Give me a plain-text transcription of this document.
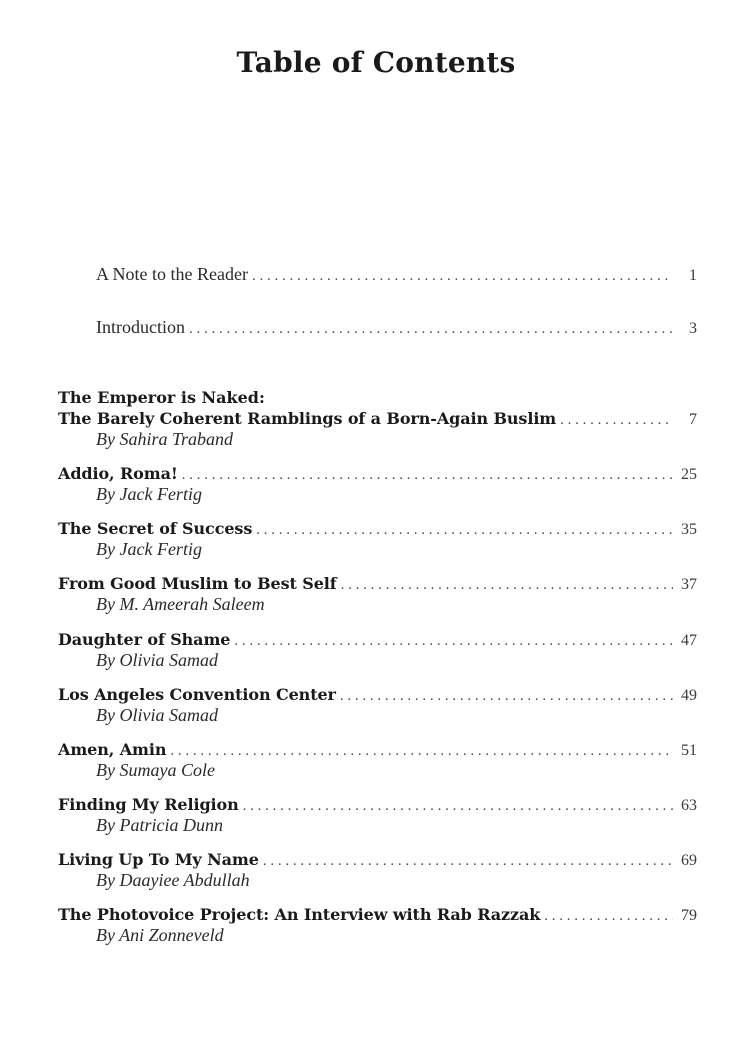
Table of Contents
A Note to the Reader . . .	1
Introduction . . .	3
The Emperor is Naked:
The Barely Coherent Ramblings of a Born-Again Buslim . . .	7
By Sahira Traband
Addio, Roma! . . .	25
By Jack Fertig
The Secret of Success . . .	35
By Jack Fertig
From Good Muslim to Best Self . . .	37
By M. Ameerah Saleem
Daughter of Shame . . .	47
By Olivia Samad
Los Angeles Convention Center . . .	49
By Olivia Samad
Amen, Amin . . .	51
By Sumaya Cole
Finding My Religion . . .	63
By Patricia Dunn
Living Up To My Name . . .	69
By Daayiee Abdullah
The Photovoice Project: An Interview with Rab Razzak . . .	79
By Ani Zonneveld
